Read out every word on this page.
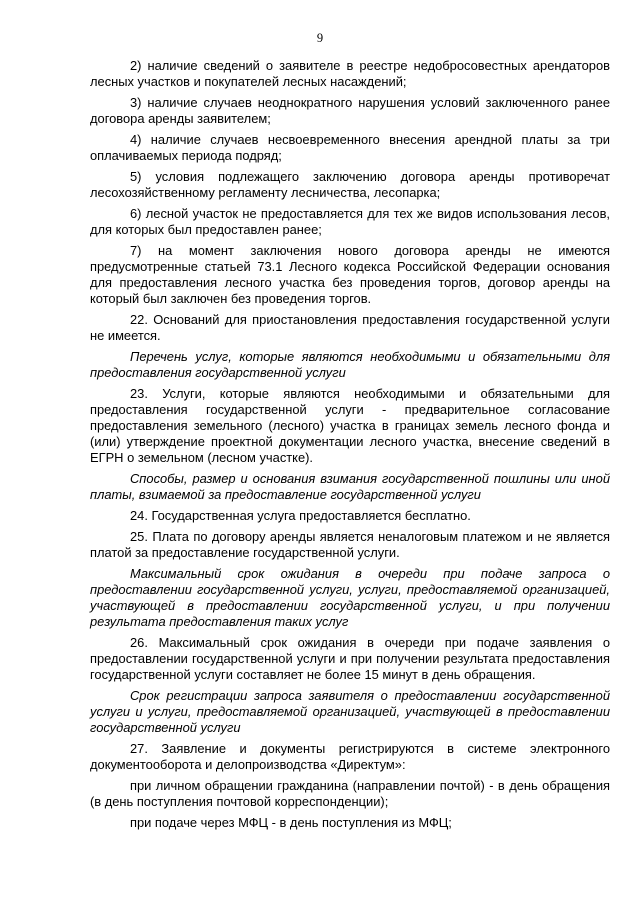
9

2) наличие сведений о заявителе в реестре недобросовестных арендаторов лесных участков и покупателей лесных насаждений;

3) наличие случаев неоднократного нарушения условий заключенного ранее договора аренды заявителем;

4) наличие случаев несвоевременного внесения арендной платы за три оплачиваемых периода подряд;

5) условия подлежащего заключению договора аренды противоречат лесохозяйственному регламенту лесничества, лесопарка;

6) лесной участок не предоставляется для тех же видов использования лесов, для которых был предоставлен ранее;

7) на момент заключения нового договора аренды не имеются предусмотренные статьей 73.1 Лесного кодекса Российской Федерации основания для предоставления лесного участка без проведения торгов, договор аренды на который был заключен без проведения торгов.

22. Оснований для приостановления предоставления государственной услуги не имеется.

Перечень услуг, которые являются необходимыми и обязательными для предоставления государственной услуги

23. Услуги, которые являются необходимыми и обязательными для предоставления государственной услуги - предварительное согласование предоставления земельного (лесного) участка в границах земель лесного фонда и (или) утверждение проектной документации лесного участка, внесение сведений в ЕГРН о земельном (лесном участке).

Способы, размер и основания взимания государственной пошлины или иной платы, взимаемой за предоставление государственной услуги

24. Государственная услуга предоставляется бесплатно.

25. Плата по договору аренды является неналоговым платежом и не является платой за предоставление государственной услуги.

Максимальный срок ожидания в очереди при подаче запроса о предоставлении государственной услуги, услуги, предоставляемой организацией, участвующей в предоставлении государственной услуги, и при получении результата предоставления таких услуг

26. Максимальный срок ожидания в очереди при подаче заявления о предоставлении государственной услуги и при получении результата предоставления государственной услуги составляет не более 15 минут в день обращения.

Срок регистрации запроса заявителя о предоставлении государственной услуги и услуги, предоставляемой организацией, участвующей в предоставлении государственной услуги

27. Заявление и документы регистрируются в системе электронного документооборота и делопроизводства «Директум»:

при личном обращении гражданина (направлении почтой) - в день обращения (в день поступления почтовой корреспонденции);

при подаче через МФЦ - в день поступления из МФЦ;
